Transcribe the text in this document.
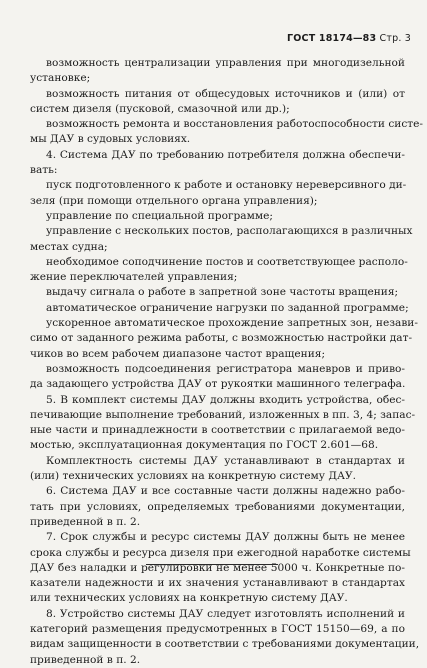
ГОСТ 18174—83 Стр. 3
возможность централизации управления при многодизельной
установке;
возможность питания от общесудовых источников и (или) от
систем дизеля (пусковой, смазочной или др.);
возможность ремонта и восстановления работоспособности систе-
мы ДАУ в судовых условиях.
4. Система ДАУ по требованию потребителя должна обеспечи-
вать:
пуск подготовленного к работе и остановку нереверсивного ди-
зеля (при помощи отдельного органа управления);
управление по специальной программе;
управление с нескольких постов, располагающихся в различных
местах судна;
необходимое соподчинение постов и соответствующее располо-
жение переключателей управления;
выдачу сигнала о работе в запретной зоне частоты вращения;
автоматическое ограничение нагрузки по заданной программе;
ускоренное автоматическое прохождение запретных зон, незави-
симо от заданного режима работы, с возможностью настройки дат-
чиков во всем рабочем диапазоне частот вращения;
возможность подсоединения регистратора маневров и приво-
да задающего устройства ДАУ от рукоятки машинного телеграфа.
5. В комплект системы ДАУ должны входить устройства, обес-
печивающие выполнение требований, изложенных в пп. 3, 4; запас-
ные части и принадлежности в соответствии с прилагаемой ведо-
мостью, эксплуатационная документация по ГОСТ 2.601—68.
Комплектность системы ДАУ устанавливают в стандартах и
(или) технических условиях на конкретную систему ДАУ.
6. Система ДАУ и все составные части должны надежно рабо-
тать при условиях, определяемых требованиями документации,
приведенной в п. 2.
7. Срок службы и ресурс системы ДАУ должны быть не менее
срока службы и ресурса дизеля при ежегодной наработке системы
ДАУ без наладки и регулировки не менее 5000 ч. Конкретные по-
казатели надежности и их значения устанавливают в стандартах
или технических условиях на конкретную систему ДАУ.
8. Устройство системы ДАУ следует изготовлять исполнений и
категорий размещения предусмотренных в ГОСТ 15150—69, а по
видам защищенности в соответствии с требованиями документации,
приведенной в п. 2.
